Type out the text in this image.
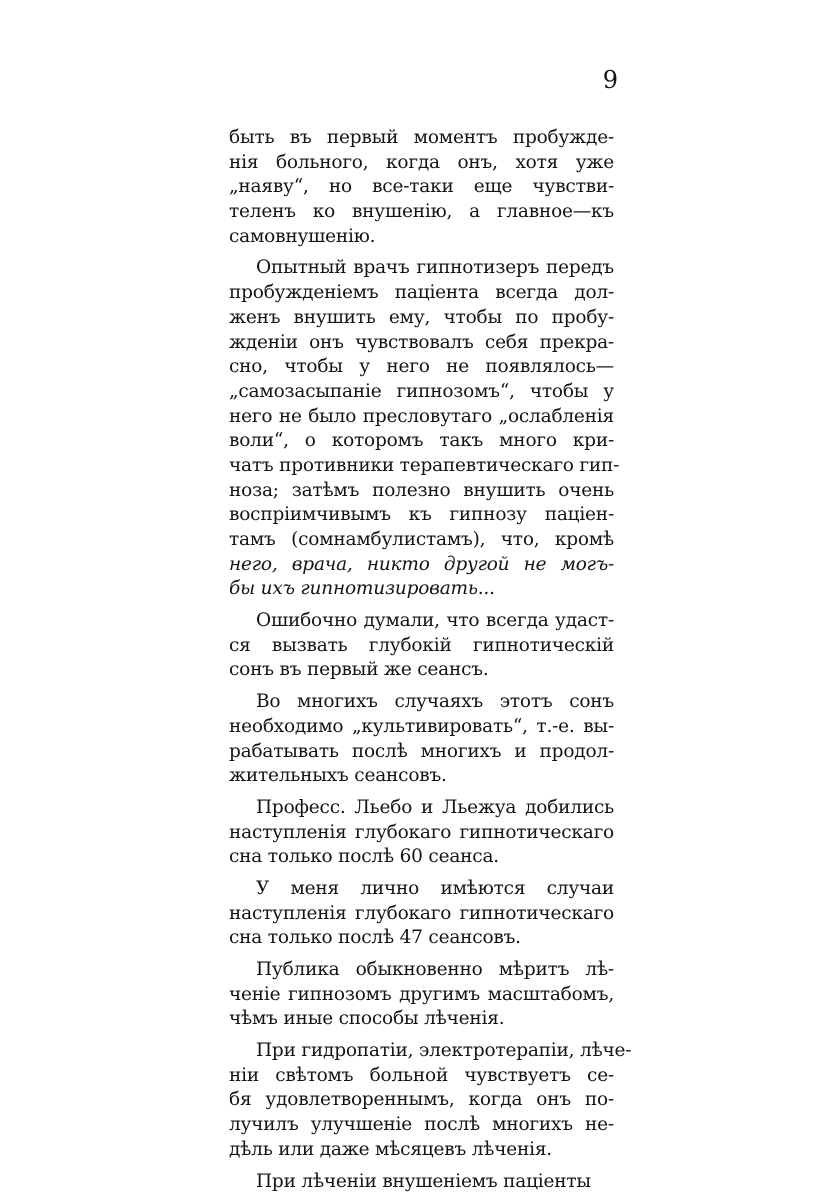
9
быть въ первый моментъ пробужде-
нія больного, когда онъ, хотя уже
„наяву“, но все-таки еще чувстви-
теленъ ко внушенію, а главное—къ
самовнушенію.
Опытный врачъ гипнотизеръ передъ
пробужденіемъ пацiента всегда дол-
женъ внушить ему, чтобы по пробу-
жденіи онъ чувствовалъ себя прекра-
сно, чтобы у него не появлялось—
„самозасыпаніе гипнозомъ“, чтобы у
него не было пресловутаго „ослабленія
воли“, о которомъ такъ много кри-
чатъ противники терапевтическаго гип-
ноза; затѣмъ полезно внушить очень
воспріимчивымъ къ гипнозу паціен-
тамъ (сомнамбулистамъ), что, кромѣ
него, врача, никто другой не могъ-
бы ихъ гипнотизировать...
Ошибочно думали, что всегда удаст-
ся вызвать глубокій гипнотическій
сонъ въ первый же сеансъ.
Во многихъ случаяхъ этотъ сонъ
необходимо „культивировать“, т.-е. вы-
рабатывать послѣ многихъ и продол-
жительныхъ сеансовъ.
Професс. Льебо и Льежуа добились
наступленія глубокаго гипнотическаго
сна только послѣ 60 сеанса.
У меня лично имѣются случаи
наступленія глубокаго гипнотическаго
сна только послѣ 47 сеансовъ.
Публика обыкновенно мѣритъ лѣ-
ченіе гипнозомъ другимъ масштабомъ,
чѣмъ иные способы лѣченія.
При гидропатіи, электротерапіи, лѣче-
ніи свѣтомъ больной чувствуетъ се-
бя удовлетвореннымъ, когда онъ по-
лучилъ улучшеніе послѣ многихъ не-
дѣль или даже мѣсяцевъ лѣченія.
При лѣченіи внушеніемъ пацiенты
